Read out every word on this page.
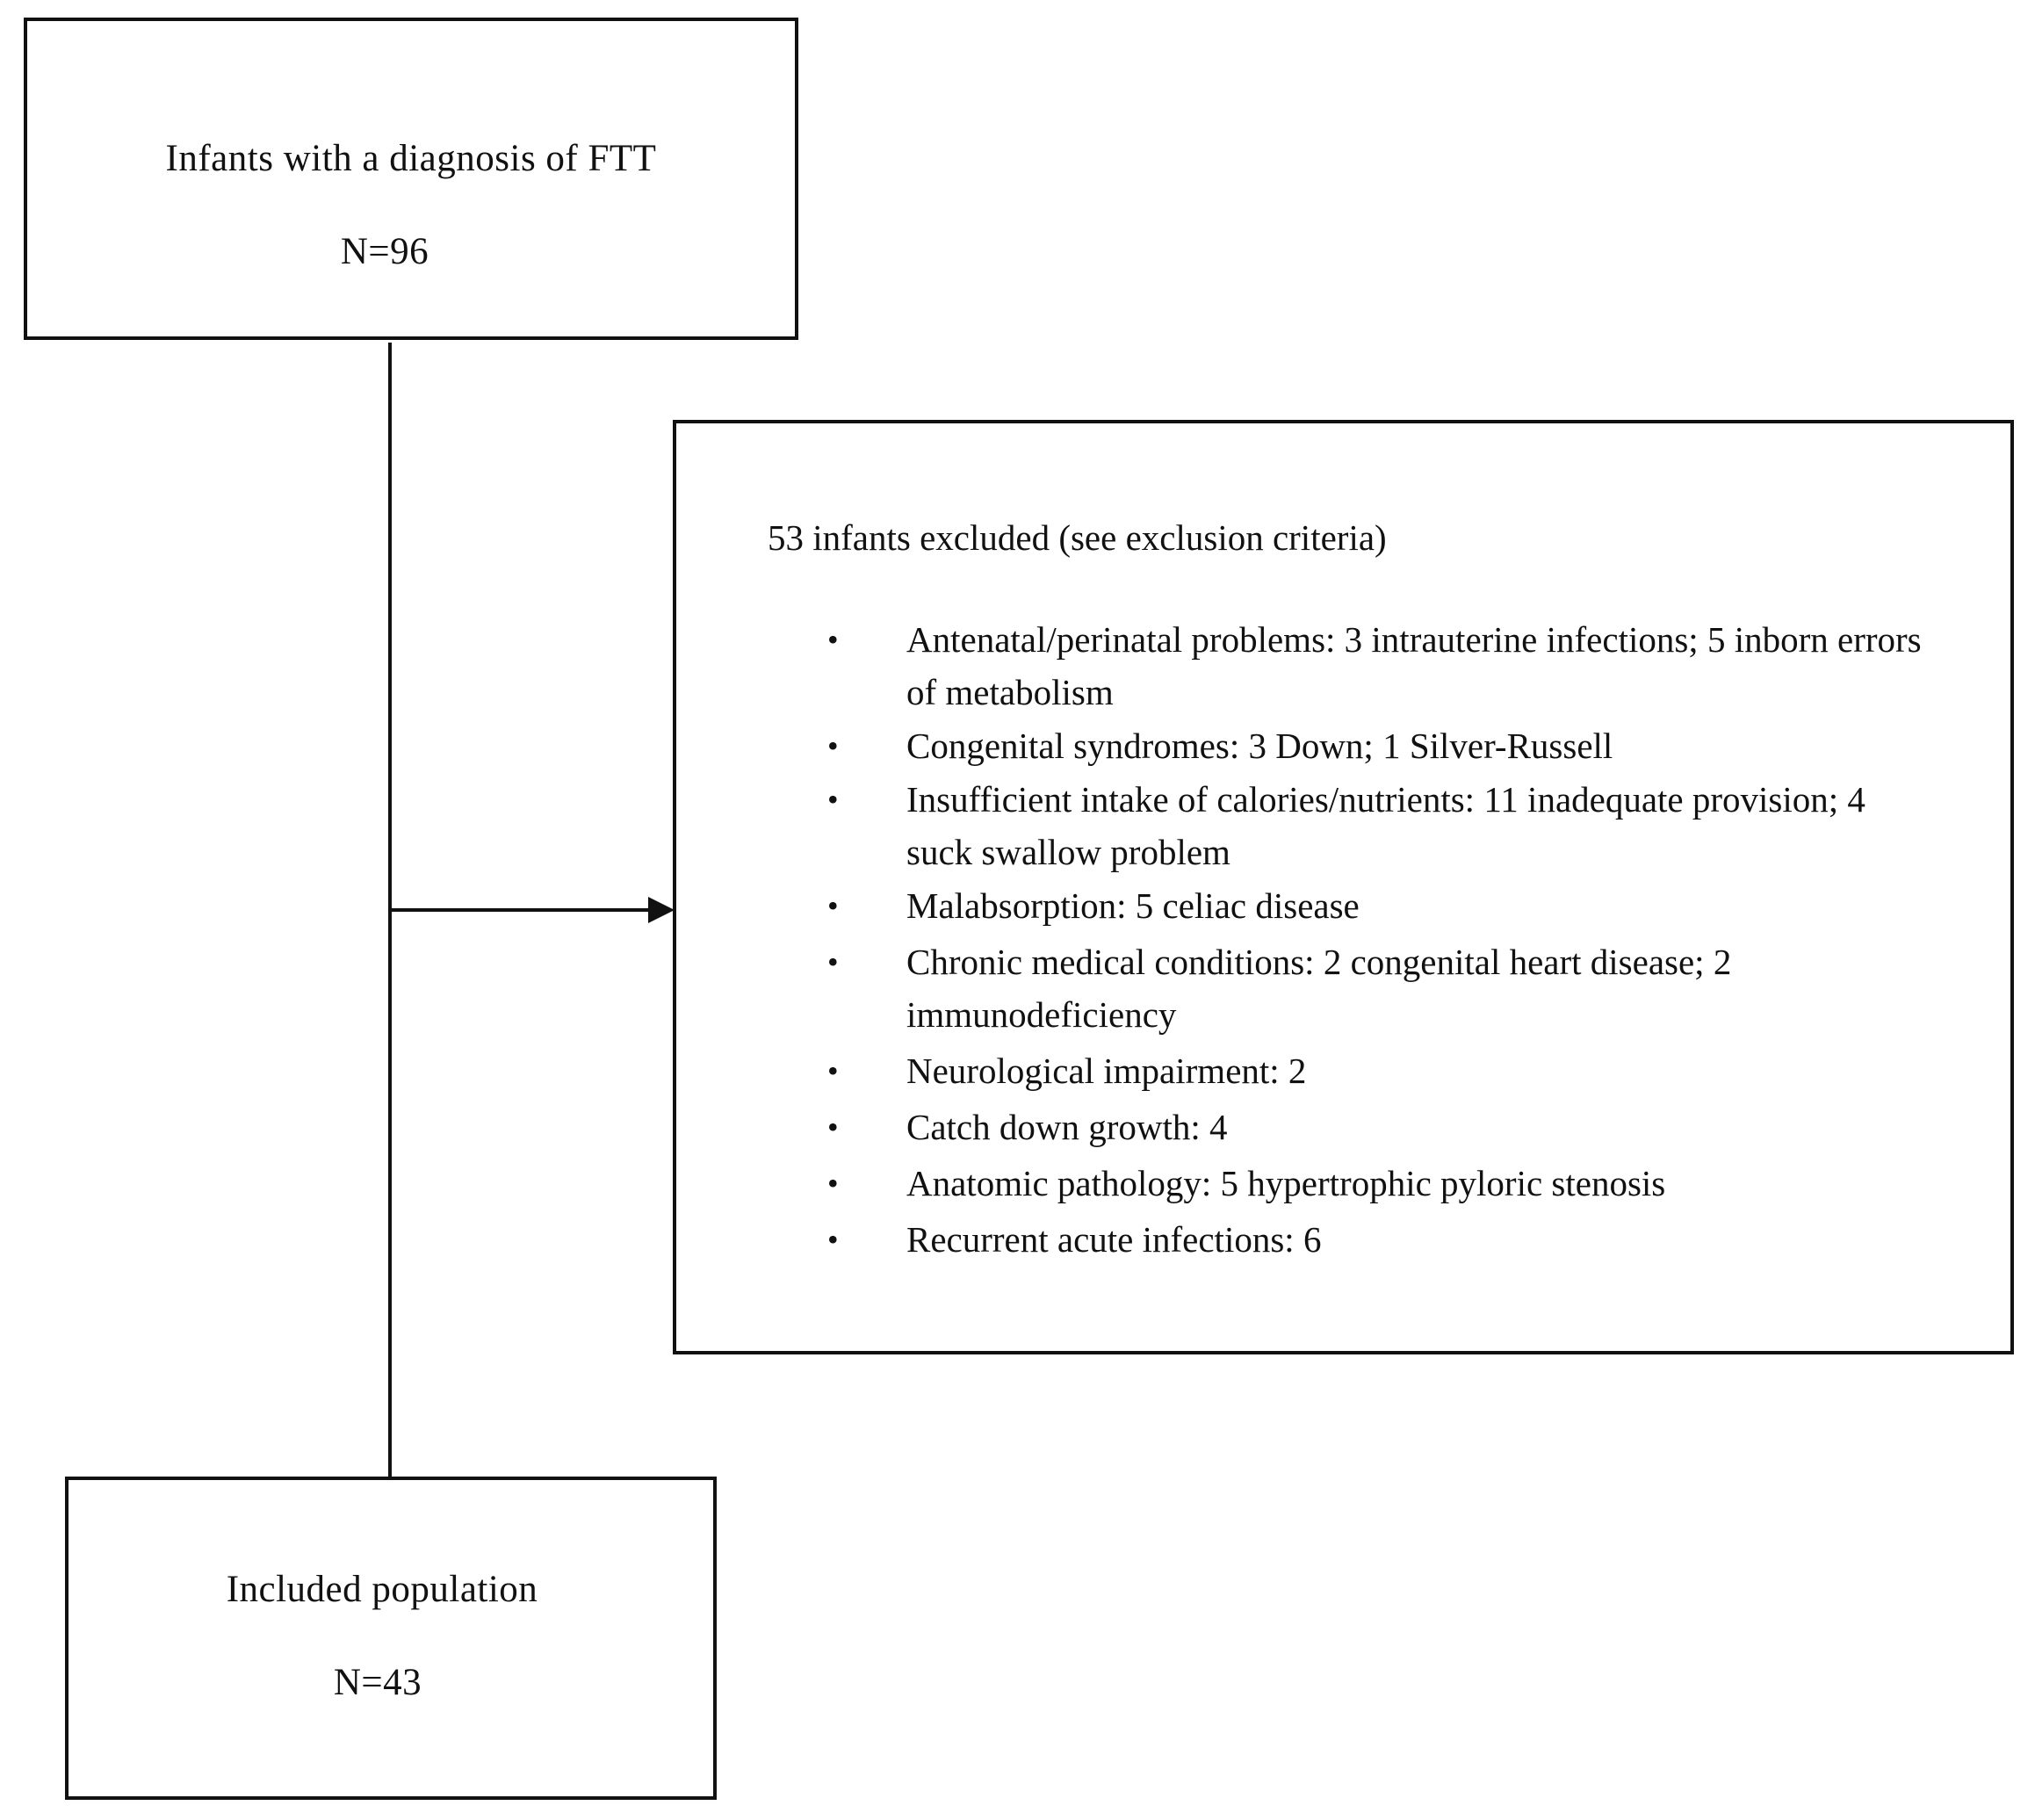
Infants with a diagnosis of FTT
N=96
53 infants excluded (see exclusion criteria)
• Antenatal/perinatal problems: 3 intrauterine infections; 5 inborn errors of metabolism
• Congenital syndromes: 3 Down; 1 Silver-Russell
• Insufficient intake of calories/nutrients: 11 inadequate provision; 4 suck swallow problem
• Malabsorption: 5 celiac disease
• Chronic medical conditions: 2 congenital heart disease; 2 immunodeficiency
• Neurological impairment: 2
• Catch down growth: 4
• Anatomic pathology: 5 hypertrophic pyloric stenosis
• Recurrent acute infections: 6
Included population
N=43
